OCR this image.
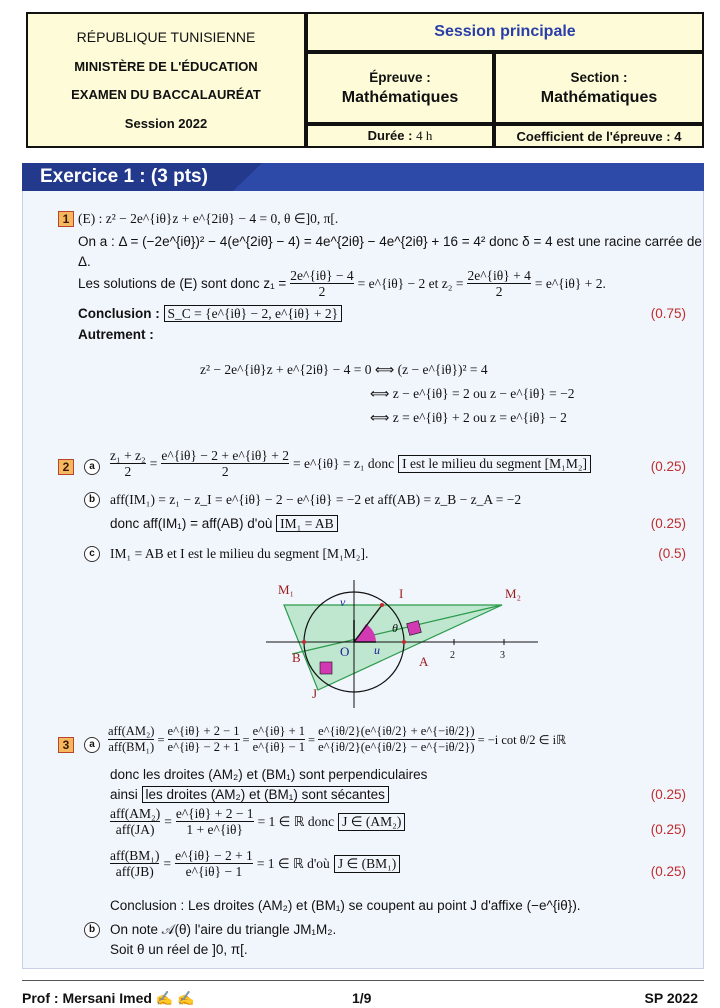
RÉPUBLIQUE TUNISIENNE
MINISTÈRE DE L'ÉDUCATION
EXAMEN DU BACCALAURÉAT
Session 2022
Session principale
Épreuve :
Mathématiques
Section :
Mathématiques
Durée : 4 h	Coefficient de l'épreuve : 4
Exercice 1 : (3 pts)
1 (E) : z² − 2e^{iθ}z + e^{2iθ} − 4 = 0, θ ∈]0, π[.
On a : Δ = (−2e^{iθ})² − 4(e^{2iθ} − 4) = 4e^{2iθ} − 4e^{2iθ} + 16 = 4² donc δ = 4 est une racine carrée de
Δ.
Les solutions de (E) sont donc $z_1 = \frac{2e\^{}\{i\theta\} - 4}{2}$ = e^{iθ} − 2 et $z_2 = \frac{2e\^{}\{i\theta\} + 4}{2}$ = e^{iθ} + 2.
Conclusion : S_C = {e^{iθ} − 2, e^{iθ} + 2}	(0.75)
Autrement :
z² − 2e^{iθ}z + e^{2iθ} − 4 = 0 ⟺ (z − e^{iθ})² = 4
⟺ z − e^{iθ} = 2 ou z − e^{iθ} = −2
⟺ z = e^{iθ} + 2 ou z = e^{iθ} − 2
2	a	$\frac{\text{z₁ + z₂}}{2} = \frac{e\^{}\{i\theta\} - 2 + e\^{}\{i\theta\} + 2}{2}$ = e^{iθ} = z₁ donc I est le milieu du segment [M₁M₂]	(0.25)
b	aff(IM₁) = z₁ − z_I = e^{iθ} − 2 − e^{iθ} = −2 et aff(AB) = z_B − z_A = −2
donc aff(IM₁) = aff(AB) d'où IM₁ = AB	(0.25)
c	IM₁ = AB et I est le milieu du segment [M₁M₂].	(0.5)
M₁	M₂
I
O
A
B
J
u
v
θ
2	3
3	a	$\frac{\text{aff(AM₂)}}{\text{aff(BM₁)}} = \frac{e\^{}\{i\theta\} + 2 - 1}{e\^{}\{i\theta\} - 2 + 1} = \frac{e\^{}\{i\theta\} + 1}{e\^{}\{i\theta\} - 1} = \frac{e\^{}\{i\theta/2\}(e\^{}\{i\theta/2\} + e\^{}\{-i\theta/2\})}{e\^{}\{i\theta/2\}(e\^{}\{i\theta/2\} - e\^{}\{-i\theta/2\})} = -i$ cot θ/2 ∈ iℝ
donc les droites (AM₂) et (BM₁) sont perpendiculaires
ainsi les droites (AM₂) et (BM₁) sont sécantes	(0.25)
$\frac{\text{aff(AM₂)}}{\text{aff(JA)}} = \frac{e\^{}\{i\theta\} + 2 - 1}{1 + e\^{}\{i\theta\}} = 1$ ∈ ℝ donc J ∈ (AM₂)
(0.25)
$\frac{\text{aff(BM₁)}}{\text{aff(JB)}} = \frac{e\^{}\{i\theta\} - 2 + 1}{e\^{}\{i\theta\} - 1} = 1$ ∈ ℝ d'où J ∈ (BM₁)
(0.25)
Conclusion : Les droites (AM₂) et (BM₁) se coupent au point J d'affixe (−e^{iθ}).
b	On note 𝒜(θ) l'aire du triangle JM₁M₂.
Soit θ un réel de ]0, π[.
Prof : Mersani Imed ✍ ✍	1/9	SP 2022
